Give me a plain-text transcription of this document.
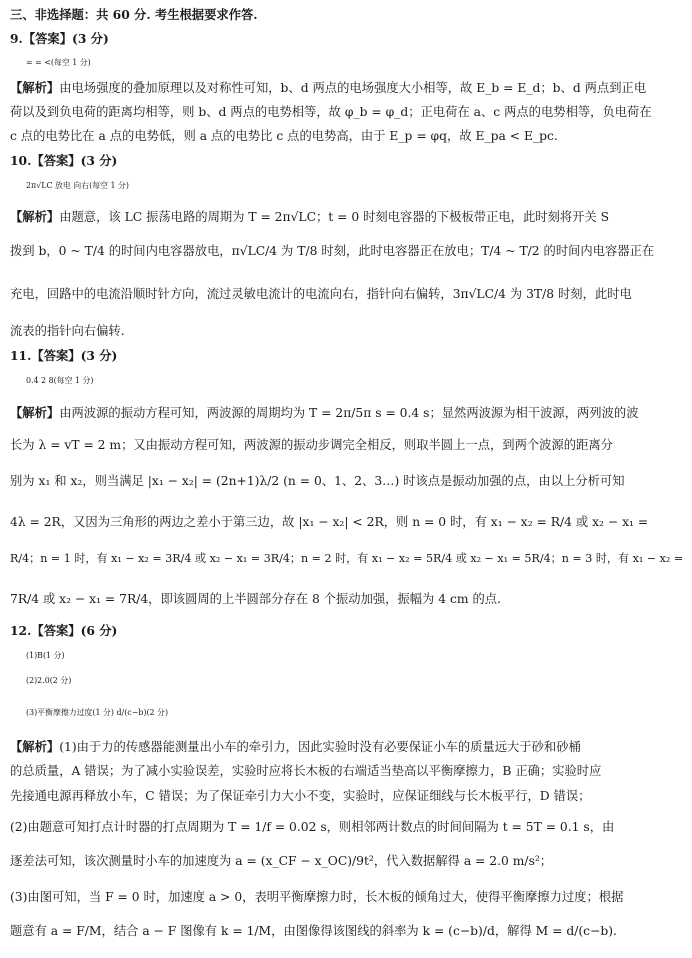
三、非选择题：共 60 分. 考生根据要求作答.
9.【答案】(3 分)
= = <(每空 1 分)
【解析】由电场强度的叠加原理以及对称性可知，b、d 两点的电场强度大小相等，故 E_b = E_d；b、d 两点到正电
荷以及到负电荷的距离均相等，则 b、d 两点的电势相等，故 φ_b = φ_d；正电荷在 a、c 两点的电势相等，负电荷在
c 点的电势比在 a 点的电势低，则 a 点的电势比 c 点的电势高，由于 E_p = φq，故 E_pa < E_pc.
10.【答案】(3 分)
2π√LC 放电 向右(每空 1 分)
【解析】由题意，该 LC 振荡电路的周期为 T = 2π√LC；t = 0 时刻电容器的下极板带正电，此时刻将开关 S
拨到 b，0 ~ T/4 的时间内电容器放电，π√LC/4 为 T/8 时刻，此时电容器正在放电；T/4 ~ T/2 的时间内电容器正在
充电，回路中的电流沿顺时针方向，流过灵敏电流计的电流向右，指针向右偏转，3π√LC/4 为 3T/8 时刻，此时电
流表的指针向右偏转.
11.【答案】(3 分)
0.4 2 8(每空 1 分)
【解析】由两波源的振动方程可知，两波源的周期均为 T = 2π/5π s = 0.4 s；显然两波源为相干波源，两列波的波
长为 λ = vT = 2 m；又由振动方程可知，两波源的振动步调完全相反，则取半圆上一点，到两个波源的距离分
别为 x₁ 和 x₂，则当满足 |x₁ − x₂| = (2n+1)λ/2 (n = 0、1、2、3…) 时该点是振动加强的点，由以上分析可知
4λ = 2R，又因为三角形的两边之差小于第三边，故 |x₁ − x₂| < 2R，则 n = 0 时，有 x₁ − x₂ = R/4 或 x₂ − x₁ =
R/4；n = 1 时，有 x₁ − x₂ = 3R/4 或 x₂ − x₁ = 3R/4；n = 2 时，有 x₁ − x₂ = 5R/4 或 x₂ − x₁ = 5R/4；n = 3 时，有 x₁ − x₂ =
7R/4 或 x₂ − x₁ = 7R/4，即该圆周的上半圆部分存在 8 个振动加强，振幅为 4 cm 的点.
12.【答案】(6 分)
(1)B(1 分)
(2)2.0(2 分)
(3)平衡摩擦力过度(1 分) d/(c−b)(2 分)
【解析】(1)由于力的传感器能测量出小车的牵引力，因此实验时没有必要保证小车的质量远大于砂和砂桶
的总质量，A 错误；为了减小实验误差，实验时应将长木板的右端适当垫高以平衡摩擦力，B 正确；实验时应
先接通电源再释放小车，C 错误；为了保证牵引力大小不变，实验时，应保证细线与长木板平行，D 错误；
(2)由题意可知打点计时器的打点周期为 T = 1/f = 0.02 s，则相邻两计数点的时间间隔为 t = 5T = 0.1 s，由
逐差法可知，该次测量时小车的加速度为 a = (x_CF − x_OC)/9t²，代入数据解得 a = 2.0 m/s²；
(3)由图可知，当 F = 0 时，加速度 a > 0，表明平衡摩擦力时，长木板的倾角过大，使得平衡摩擦力过度；根据
题意有 a = F/M，结合 a − F 图像有 k = 1/M，由图像得该图线的斜率为 k = (c−b)/d，解得 M = d/(c−b).
